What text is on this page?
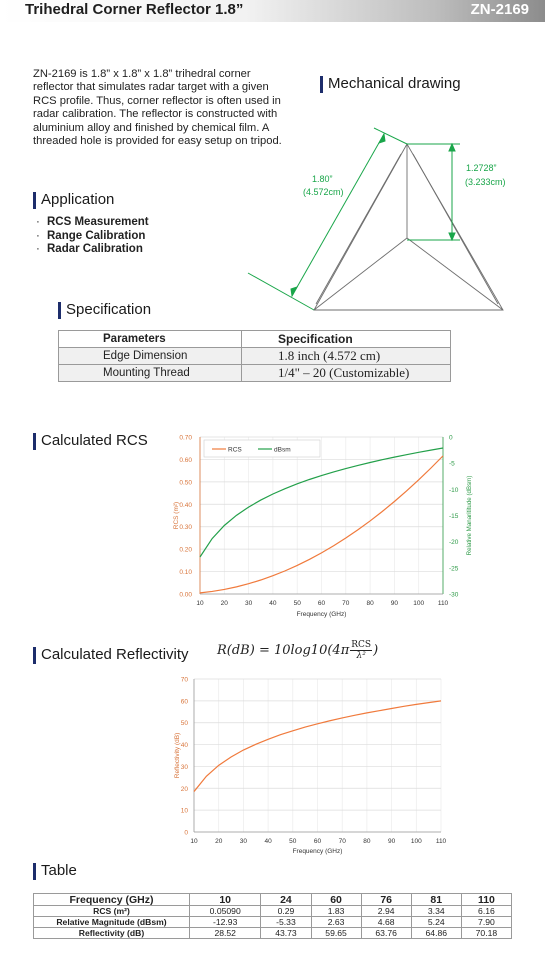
Trihedral Corner Reflector 1.8”	ZN-2169
ZN-2169 is 1.8” x 1.8” x 1.8” trihedral corner reflector that simulates radar target with a given RCS profile. Thus, corner reflector is often used in radar calibration. The reflector is constructed with aluminium alloy and finished by chemical film. A threaded hole is provided for easy setup on tripod.
Mechanical drawing
1.80”
(4.572cm)
1.2728”
(3.233cm)
Application
· RCS Measurement
· Range Calibration
· Radar Calibration
Specification
Parameters	Specification
Edge Dimension	1.8 inch (4.572 cm)
Mounting Thread	1/4" – 20 (Customizable)
Calculated RCS
10	20	30	40	50	60	70	80	90 100 110
0.00
0.10
0.20
0.30
0.40
0.50
0.60
0.70	0
-5
-10
-15
-20
-25
-30
RCS	dBsm
Frequency (GHz)
RCS (m²)	Relative Manarititude (dBsm)
Calculated Reflectivity $R(dB) = 10\log 10(4\pi \frac{\text{RCS}}{\text{λ²}}$ )
10	20	30	40	50	60	70	80	90 100 110
0
10
20
30
40
50
60
70
Frequency (GHz)
Reflectivity (dB)
Table
Frequency (GHz)	10	24	60	76	81	110
RCS (m²)	0.05090	0.29	1.83	2.94	3.34	6.16
Relative Magnitude (dBsm)	-12.93	-5.33	2.63	4.68	5.24	7.90
Reflectivity (dB)	28.52	43.73	59.65	63.76	64.86	70.18
